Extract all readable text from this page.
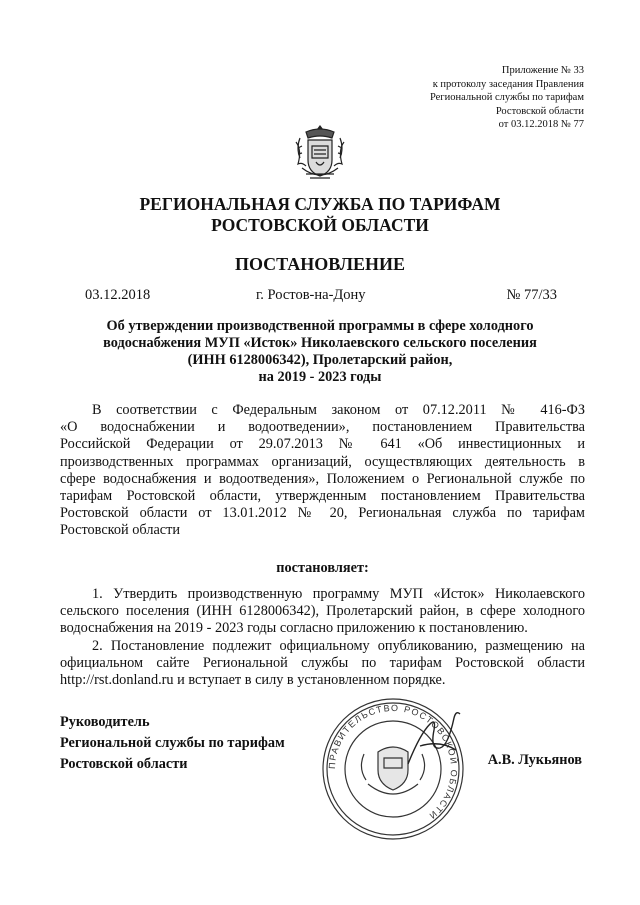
Приложение № 33
к протоколу заседания Правления
Региональной службы по тарифам
Ростовской области
от 03.12.2018 № 77
РЕГИОНАЛЬНАЯ СЛУЖБА ПО ТАРИФАМ
РОСТОВСКОЙ ОБЛАСТИ
ПОСТАНОВЛЕНИЕ
03.12.2018	г. Ростов-на-Дону	№ 77/33
Об утверждении производственной программы в сфере холодного
водоснабжения МУП «Исток» Николаевского сельского поселения
(ИНН 6128006342), Пролетарский район,
на 2019 - 2023 годы
В соответствии с Федеральным законом от 07.12.2011 № 416-ФЗ
«О водоснабжении и водоотведении», постановлением Правительства
Российской Федерации от 29.07.2013 № 641 «Об инвестиционных и
производственных программах организаций, осуществляющих деятельность в
сфере водоснабжения и водоотведения», Положением о Региональной службе по
тарифам Ростовской области, утвержденным постановлением Правительства
Ростовской области от 13.01.2012 № 20, Региональная служба по тарифам
Ростовской области
постановляет:
1. Утвердить производственную программу МУП «Исток» Николаевского
сельского поселения (ИНН 6128006342), Пролетарский район, в сфере холодного
водоснабжения на 2019 - 2023 годы согласно приложению к постановлению.
2. Постановление подлежит официальному опубликованию, размещению на
официальном сайте Региональной службы по тарифам Ростовской области
http://rst.donland.ru и вступает в силу в установленном порядке.
Руководитель
Региональной службы по тарифам
Ростовской области	ПРАВИТЕЛЬСТВО РОСТОВСКОЙ ОБЛАСТИ
А.В. Лукьянов
